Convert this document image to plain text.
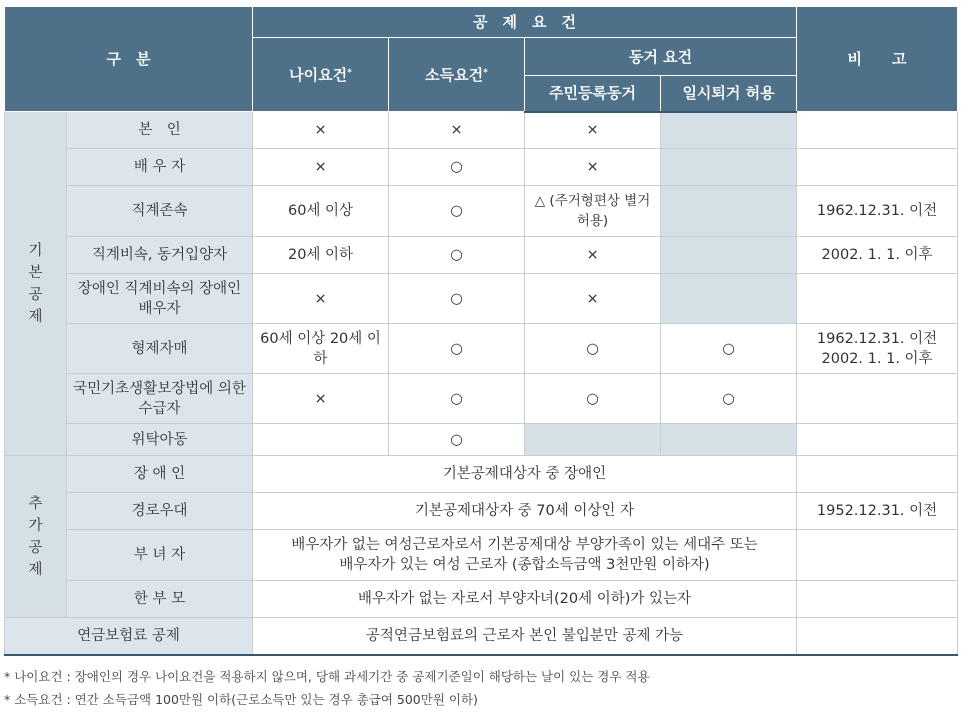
구　분		공　제　요　건				비　　고
		나이요건*	소득요건*	동거 요건		
				주민등록동거	일시퇴거 허용	
기본공제	본　인	×	×	×		
	배 우 자	×	○	×		
	직계존속	60세 이상	○	△ (주거형편상 별거 허용)		1962.12.31. 이전
	직계비속, 동거입양자	20세 이하	○	×		2002. 1. 1. 이후
	장애인 직계비속의 장애인 배우자	×	○	×		
	형제자매	60세 이상 20세 이하	○	○	○	1962.12.31. 이전 2002. 1. 1. 이후
	국민기초생활보장법에 의한 수급자	×	○	○	○	
	위탁아동		○			
추가공제	장 애 인	기본공제대상자 중 장애인				
	경로우대	기본공제대상자 중 70세 이상인 자				1952.12.31. 이전
	부 녀 자	배우자가 없는 여성근로자로서 기본공제대상 부양가족이 있는 세대주 또는 배우자가 있는 여성 근로자 (종합소득금액 3천만원 이하자)				
	한 부 모	배우자가 없는 자로서 부양자녀(20세 이하)가 있는자				
연금보험료 공제		공적연금보험료의 근로자 본인 불입분만 공제 가능				
* 나이요건 : 장애인의 경우 나이요건을 적용하지 않으며, 당해 과세기간 중 공제기준일이 해당하는 날이 있는 경우 적용
* 소득요건 : 연간 소득금액 100만원 이하(근로소득만 있는 경우 총급여 500만원 이하)
